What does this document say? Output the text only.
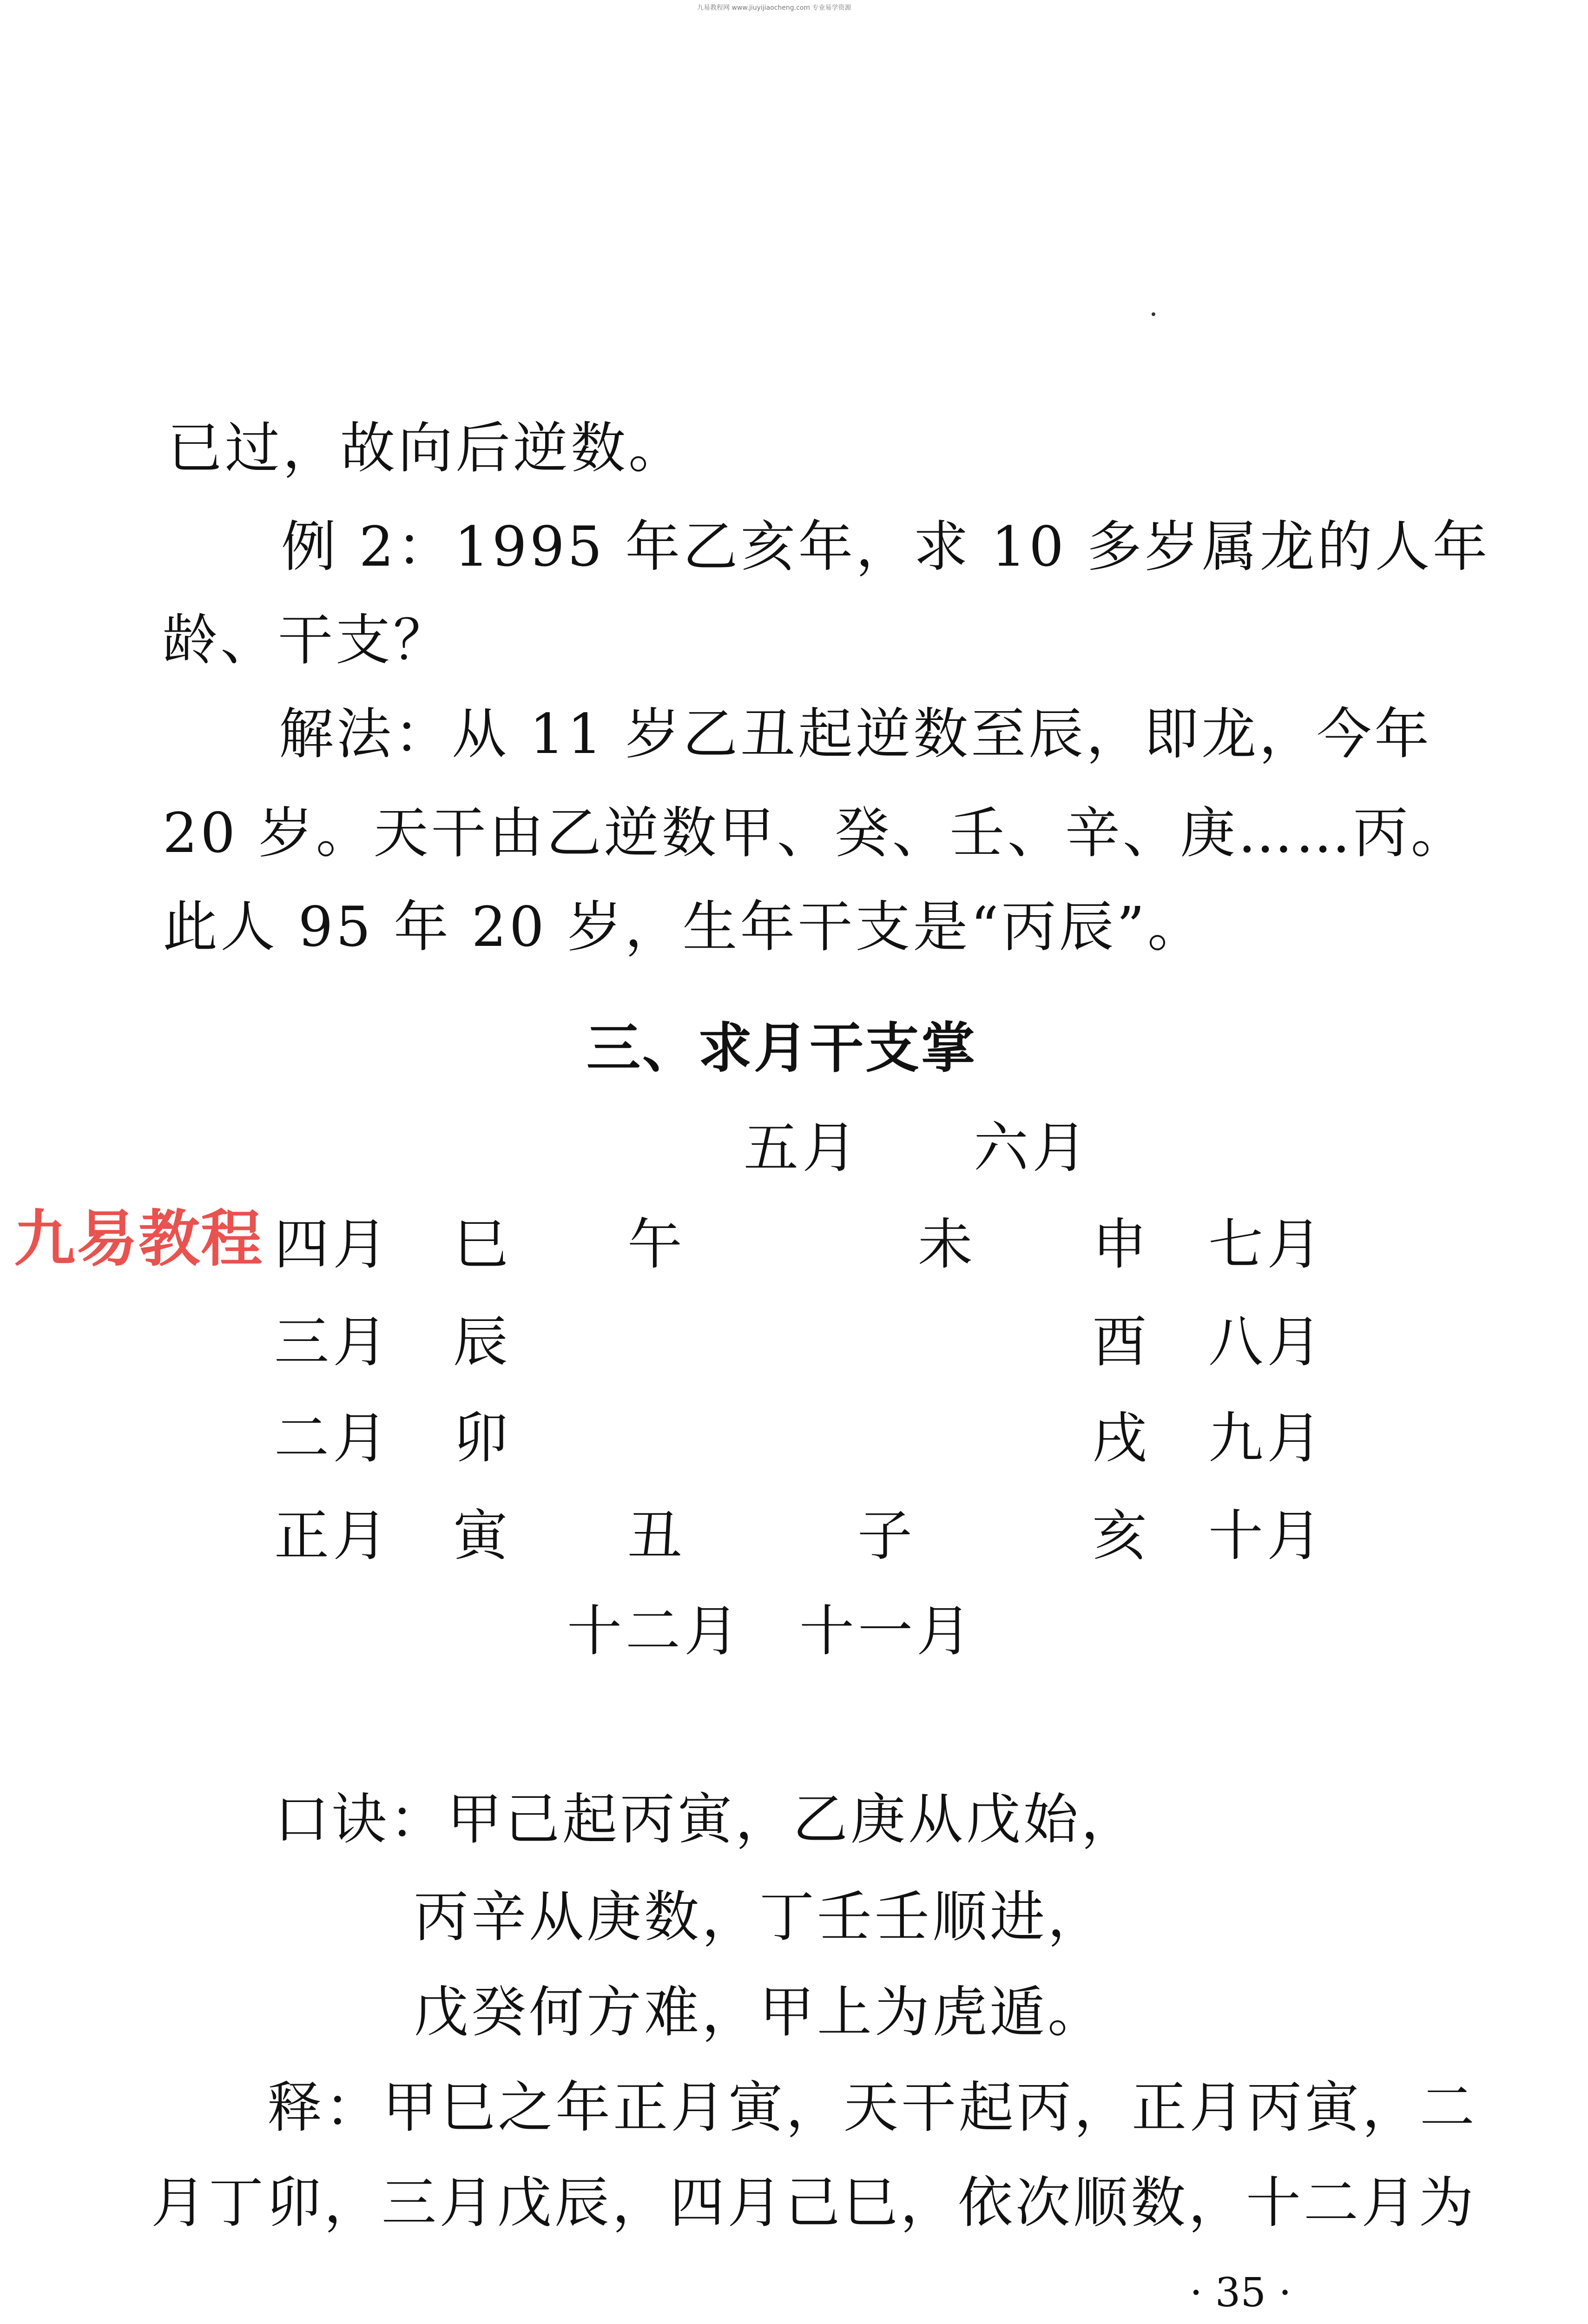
九易教程网 www.jiuyijiaocheng.com 专业易学资源
已过，故向后逆数。
例 2：1995 年乙亥年，求 10 多岁属龙的人年
龄、干支？
解法：从 11 岁乙丑起逆数至辰，即龙，今年
20 岁。天干由乙逆数甲、癸、壬、辛、庚……丙。
此人 95 年 20 岁，生年干支是“丙辰”。
三、求月干支掌
五月 六月
四月 巳 午	未 申 七月
三月 辰	酉 八月
二月 卯	戌 九月
正月 寅 丑	子	亥 十月
十二月 十一月
口诀：甲己起丙寅，乙庚从戊始，
丙辛从庚数，丁壬壬顺进，
戊癸何方难，甲上为虎遁。
释：甲巳之年正月寅，天干起丙，正月丙寅，二
月丁卯，三月戊辰，四月己巳，依次顺数，十二月为
九易教程
· 35 ·
